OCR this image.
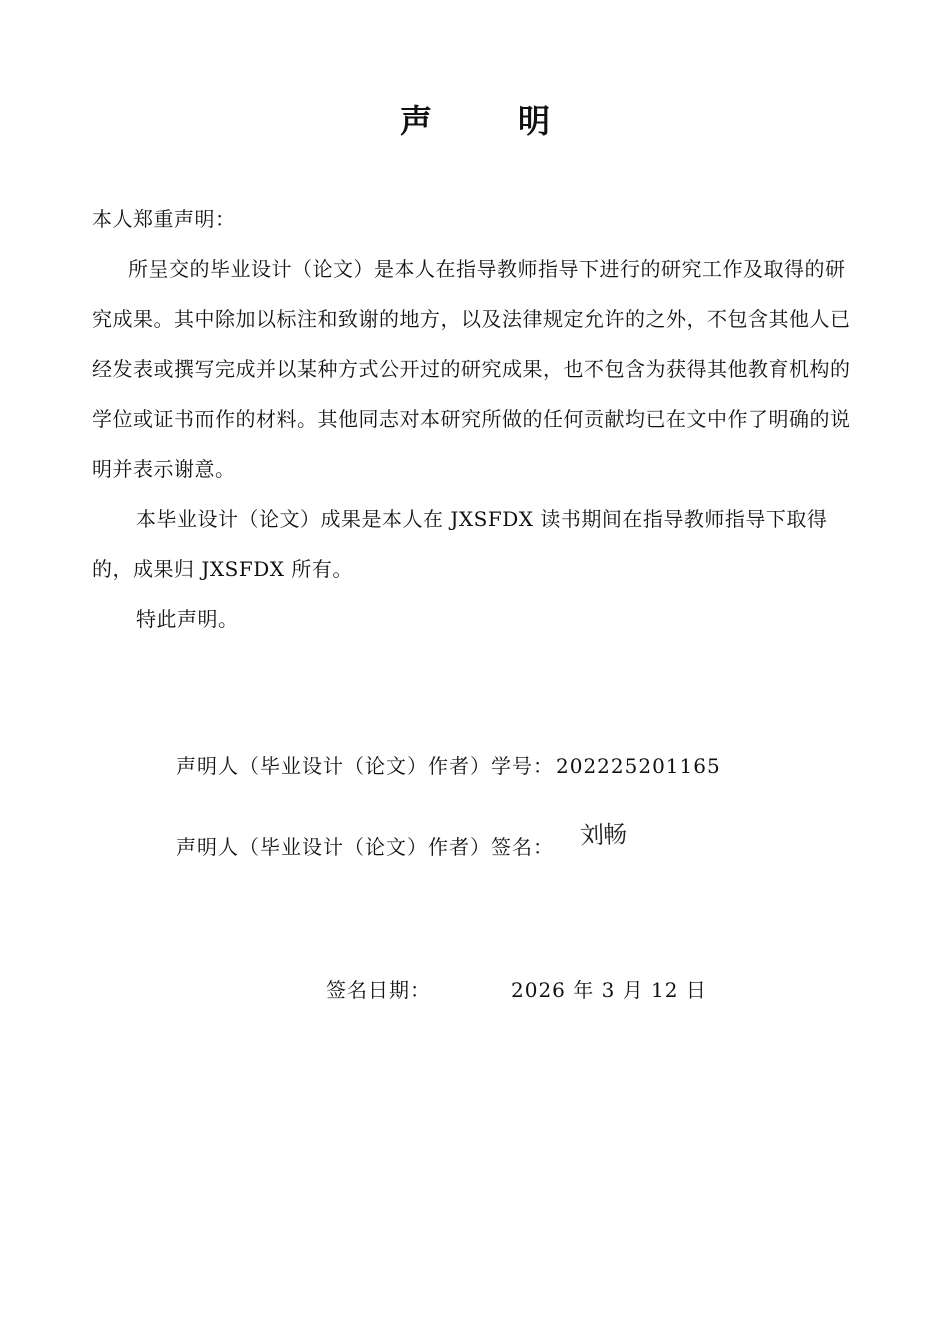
声	明

本人郑重声明：

所呈交的毕业设计（论文）是本人在指导教师指导下进行的研究工作及取得的研究成果。其中除加以标注和致谢的地方，以及法律规定允许的之外，不包含其他人已经发表或撰写完成并以某种方式公开过的研究成果，也不包含为获得其他教育机构的学位或证书而作的材料。其他同志对本研究所做的任何贡献均已在文中作了明确的说明并表示谢意。

本毕业设计（论文）成果是本人在 JXSFDX 读书期间在指导教师指导下取得的，成果归 JXSFDX 所有。

特此声明。

声明人（毕业设计（论文）作者）学号： 202225201165
声明人（毕业设计（论文）作者）签名： 刘畅
签名日期：	2026 年 3 月 12 日
